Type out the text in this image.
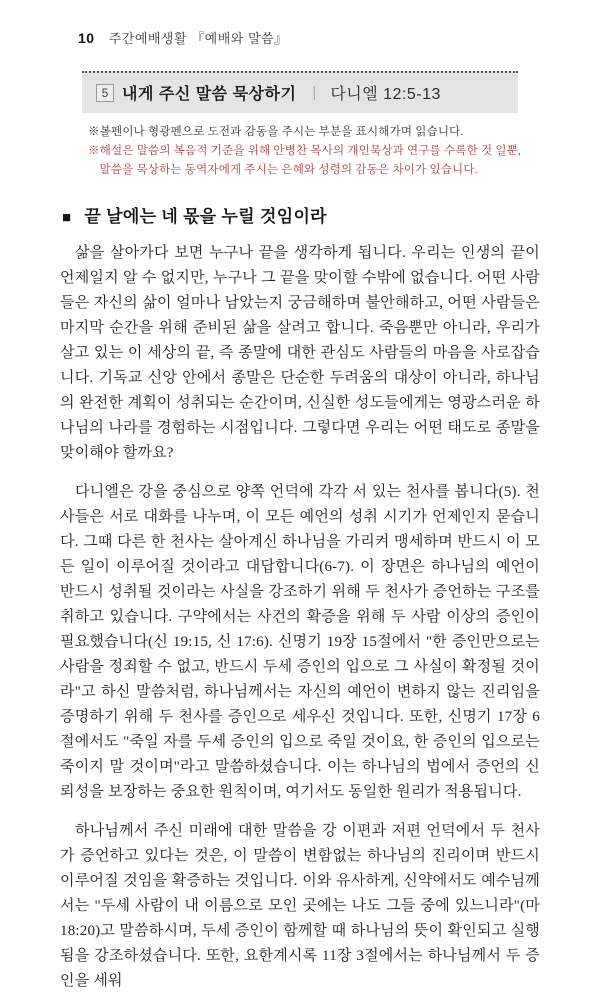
10 주간예배생활 『예배와 말씀』
5 내게 주신 말씀 묵상하기 | 다니엘 12:5-13
※볼펜이나 형광펜으로 도전과 감동을 주시는 부분을 표시해가며 읽습니다.
※해설은 말씀의 복음적 기준을 위해 안병찬 목사의 개인묵상과 연구를 수록한 것 일뿐,
말씀을 묵상하는 동역자에게 주시는 은혜와 성령의 감동은 차이가 있습니다.
■ 끝 날에는 네 몫을 누릴 것임이라

삶을 살아가다 보면 누구나 끝을 생각하게 됩니다. 우리는 인생의 끝이 언제일지 알 수 없지만, 누구나 그 끝을 맞이할 수밖에 없습니다. 어떤 사람들은 자신의 삶이 얼마나 남았는지 궁금해하며 불안해하고, 어떤 사람들은 마지막 순간을 위해 준비된 삶을 살려고 합니다. 죽음뿐만 아니라, 우리가 살고 있는 이 세상의 끝, 즉 종말에 대한 관심도 사람들의 마음을 사로잡습니다. 기독교 신앙 안에서 종말은 단순한 두려움의 대상이 아니라, 하나님의 완전한 계획이 성취되는 순간이며, 신실한 성도들에게는 영광스러운 하나님의 나라를 경험하는 시점입니다. 그렇다면 우리는 어떤 태도로 종말을 맞이해야 할까요?

다니엘은 강을 중심으로 양쪽 언덕에 각각 서 있는 천사를 봅니다(5). 천사들은 서로 대화를 나누며, 이 모든 예언의 성취 시기가 언제인지 묻습니다. 그때 다른 한 천사는 살아계신 하나님을 가리켜 맹세하며 반드시 이 모든 일이 이루어질 것이라고 대답합니다(6-7). 이 장면은 하나님의 예언이 반드시 성취될 것이라는 사실을 강조하기 위해 두 천사가 증언하는 구조를 취하고 있습니다. 구약에서는 사건의 확증을 위해 두 사람 이상의 증인이 필요했습니다(신 19:15, 신 17:6). 신명기 19장 15절에서 "한 증인만으로는 사람을 정죄할 수 없고, 반드시 두세 증인의 입으로 그 사실이 확정될 것이라"고 하신 말씀처럼, 하나님께서는 자신의 예언이 변하지 않는 진리임을 증명하기 위해 두 천사를 증인으로 세우신 것입니다. 또한, 신명기 17장 6절에서도 "죽일 자를 두세 증인의 입으로 죽일 것이요, 한 증인의 입으로는 죽이지 말 것이며"라고 말씀하셨습니다. 이는 하나님의 법에서 증언의 신뢰성을 보장하는 중요한 원칙이며, 여기서도 동일한 원리가 적용됩니다.

하나님께서 주신 미래에 대한 말씀을 강 이편과 저편 언덕에서 두 천사가 증언하고 있다는 것은, 이 말씀이 변함없는 하나님의 진리이며 반드시 이루어질 것임을 확증하는 것입니다. 이와 유사하게, 신약에서도 예수님께서는 "두세 사람이 내 이름으로 모인 곳에는 나도 그들 중에 있느니라"(마 18:20)고 말씀하시며, 두세 증인이 함께할 때 하나님의 뜻이 확인되고 실행됨을 강조하셨습니다. 또한, 요한계시록 11장 3절에서는 하나님께서 두 증인을 세워
